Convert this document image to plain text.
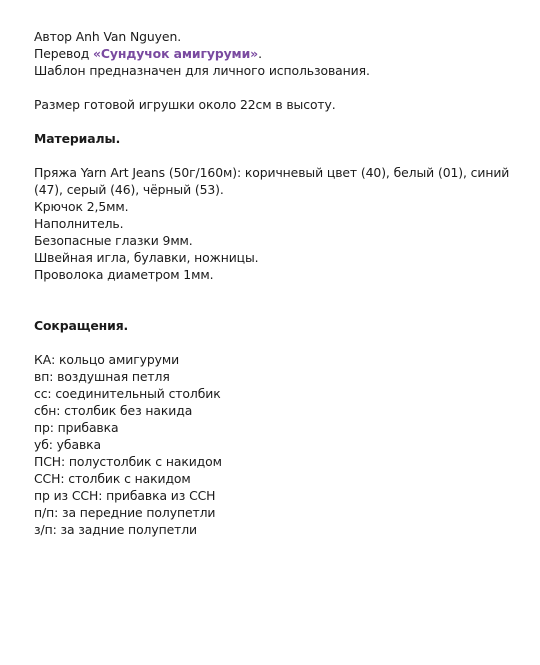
Автор Anh Van Nguyen.
Перевод «Сундучок амигуруми».
Шаблон предназначен для личного использования.
Размер готовой игрушки около 22см в высоту.
Материалы.
Пряжа Yarn Art Jeans (50г/160м): коричневый цвет (40), белый (01), синий (47), серый (46), чёрный (53).
Крючок 2,5мм.
Наполнитель.
Безопасные глазки 9мм.
Швейная игла, булавки, ножницы.
Проволока диаметром 1мм.
Сокращения.
КА: кольцо амигуруми
вп: воздушная петля
сс: соединительный столбик
сбн: столбик без накида
пр: прибавка
уб: убавка
ПСН: полустолбик с накидом
ССН: столбик с накидом
пр из ССН: прибавка из ССН
п/п: за передние полупетли
з/п: за задние полупетли
